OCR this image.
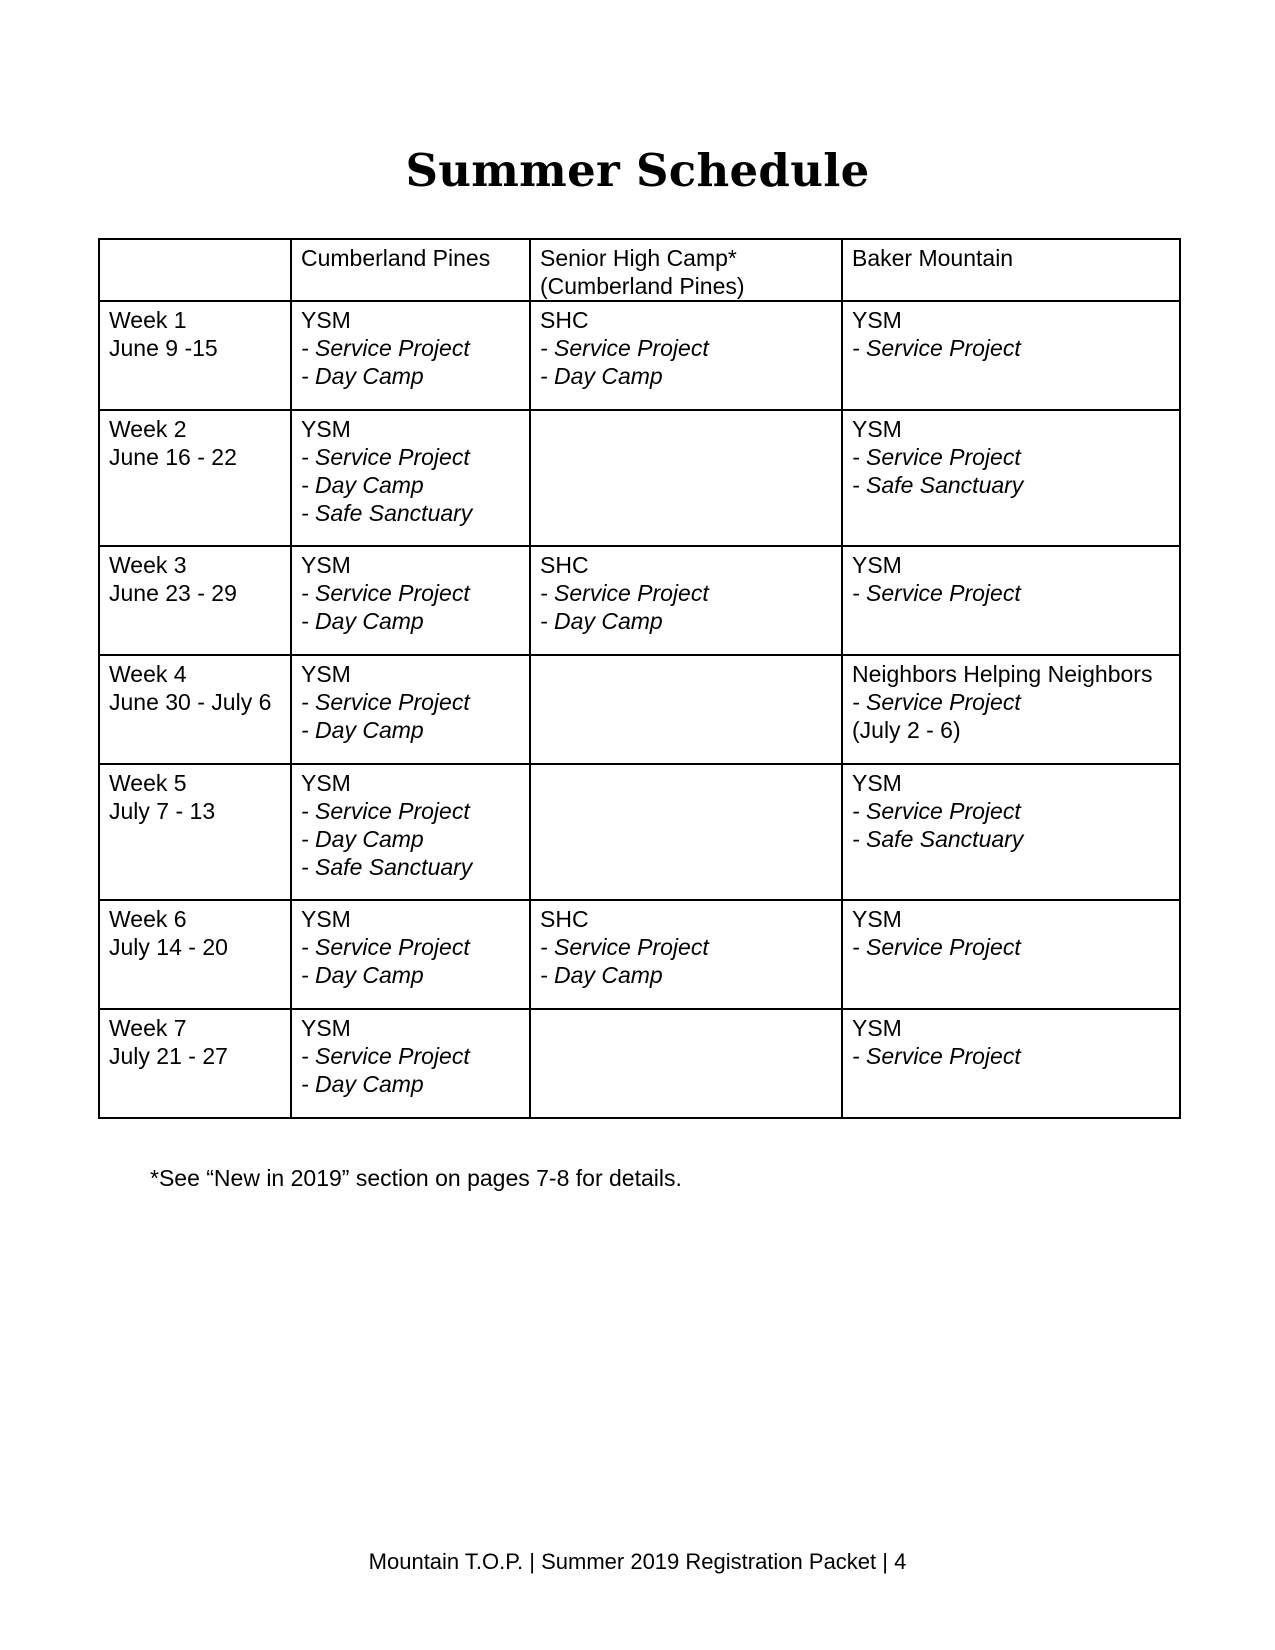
Summer Schedule

	Cumberland Pines	Senior High Camp*
(Cumberland Pines)	Baker Mountain

Week 1
June 9 -15	YSM
- Service Project
- Day Camp	SHC
- Service Project
- Day Camp	YSM
- Service Project

Week 2
June 16 - 22	YSM
- Service Project
- Day Camp
- Safe Sanctuary		YSM
- Service Project
- Safe Sanctuary

Week 3
June 23 - 29	YSM
- Service Project
- Day Camp	SHC
- Service Project
- Day Camp	YSM
- Service Project

Week 4
June 30 - July 6	YSM
- Service Project
- Day Camp		Neighbors Helping Neighbors
- Service Project
(July 2 - 6)

Week 5
July 7 - 13	YSM
- Service Project
- Day Camp
- Safe Sanctuary		YSM
- Service Project
- Safe Sanctuary

Week 6
July 14 - 20	YSM
- Service Project
- Day Camp	SHC
- Service Project
- Day Camp	YSM
- Service Project

Week 7
July 21 - 27	YSM
- Service Project
- Day Camp		YSM
- Service Project
*See “New in 2019” section on pages 7-8 for details.
Mountain T.O.P. | Summer 2019 Registration Packet | 4
